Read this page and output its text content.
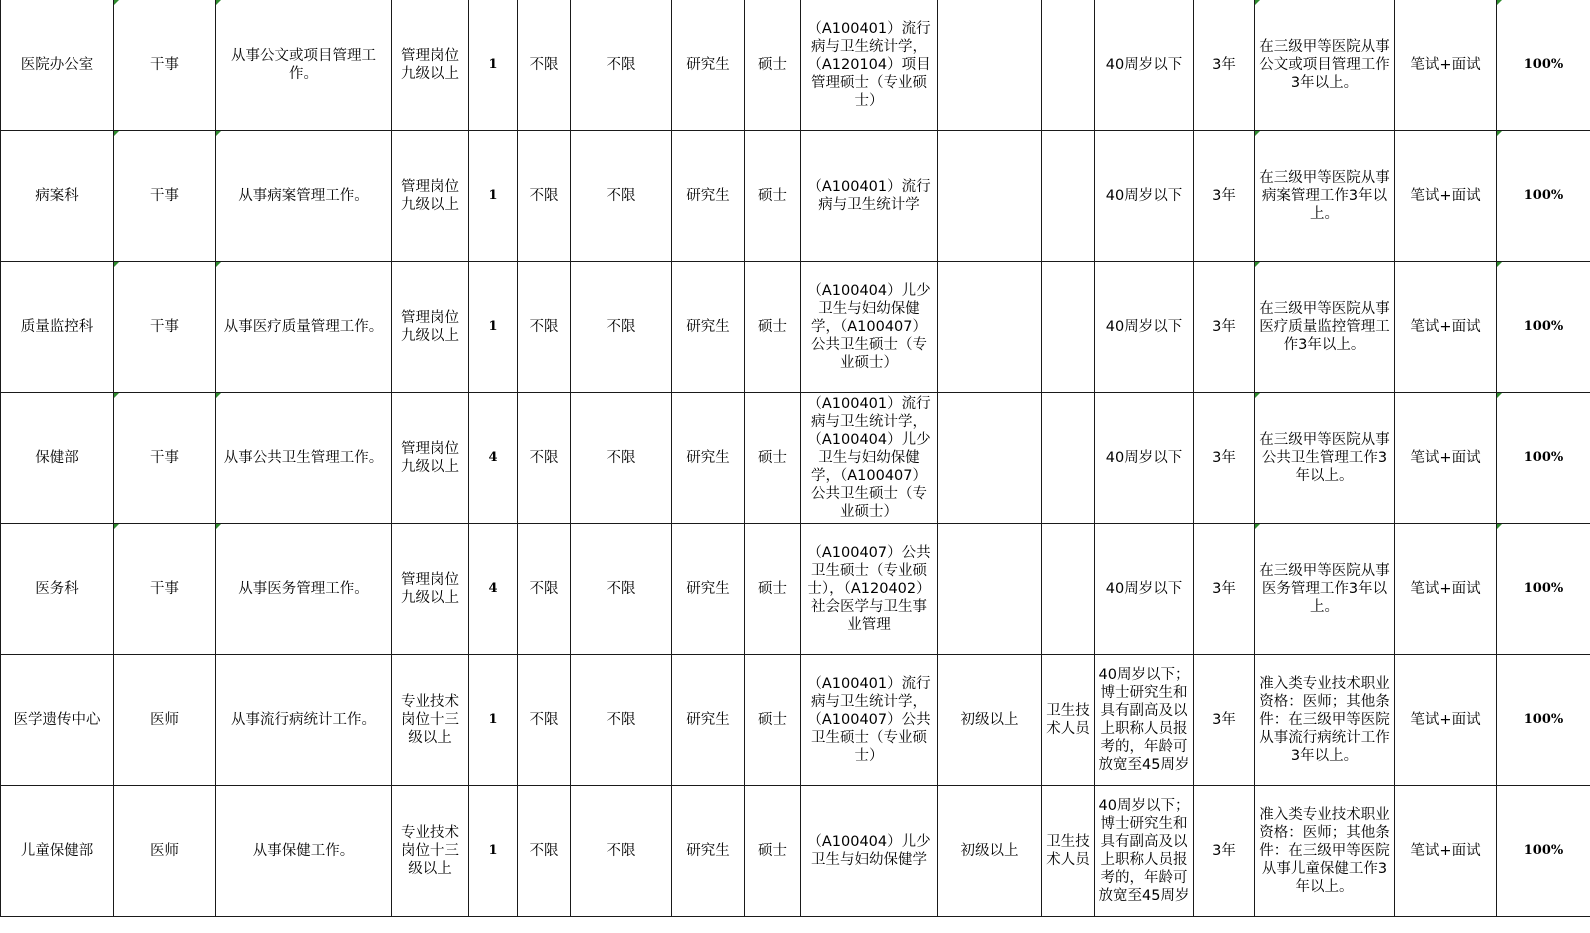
医院办公室	干事	从事公文或项目管理工作。	管理岗位九级以上	1	不限	不限	研究生	硕士	（A100401）流行病与卫生统计学，（A120104）项目管理硕士（专业硕士）			40周岁以下	3年	在三级甲等医院从事公文或项目管理工作3年以上。	笔试+面试	100%
病案科	干事	从事病案管理工作。	管理岗位九级以上	1	不限	不限	研究生	硕士	（A100401）流行病与卫生统计学			40周岁以下	3年	在三级甲等医院从事病案管理工作3年以上。	笔试+面试	100%
质量监控科	干事	从事医疗质量管理工作。	管理岗位九级以上	1	不限	不限	研究生	硕士	（A100404）儿少卫生与妇幼保健学，（A100407）公共卫生硕士（专业硕士）			40周岁以下	3年	在三级甲等医院从事医疗质量监控管理工作3年以上。	笔试+面试	100%
保健部	干事	从事公共卫生管理工作。	管理岗位九级以上	4	不限	不限	研究生	硕士	（A100401）流行病与卫生统计学，（A100404）儿少卫生与妇幼保健学，（A100407）公共卫生硕士（专业硕士）			40周岁以下	3年	在三级甲等医院从事公共卫生管理工作3年以上。	笔试+面试	100%
医务科	干事	从事医务管理工作。	管理岗位九级以上	4	不限	不限	研究生	硕士	（A100407）公共卫生硕士（专业硕士），（A120402）社会医学与卫生事业管理			40周岁以下	3年	在三级甲等医院从事医务管理工作3年以上。	笔试+面试	100%
医学遗传中心	医师	从事流行病统计工作。	专业技术岗位十三级以上	1	不限	不限	研究生	硕士	（A100401）流行病与卫生统计学，（A100407）公共卫生硕士（专业硕士）	初级以上	卫生技术人员	40周岁以下；博士研究生和具有副高及以上职称人员报考的，年龄可放宽至45周岁	3年	准入类专业技术职业资格：医师；其他条件：在三级甲等医院从事流行病统计工作3年以上。	笔试+面试	100%
儿童保健部	医师	从事保健工作。	专业技术岗位十三级以上	1	不限	不限	研究生	硕士	（A100404）儿少卫生与妇幼保健学	初级以上	卫生技术人员	40周岁以下；博士研究生和具有副高及以上职称人员报考的，年龄可放宽至45周岁	3年	准入类专业技术职业资格：医师；其他条件：在三级甲等医院从事儿童保健工作3年以上。	笔试+面试	100%
